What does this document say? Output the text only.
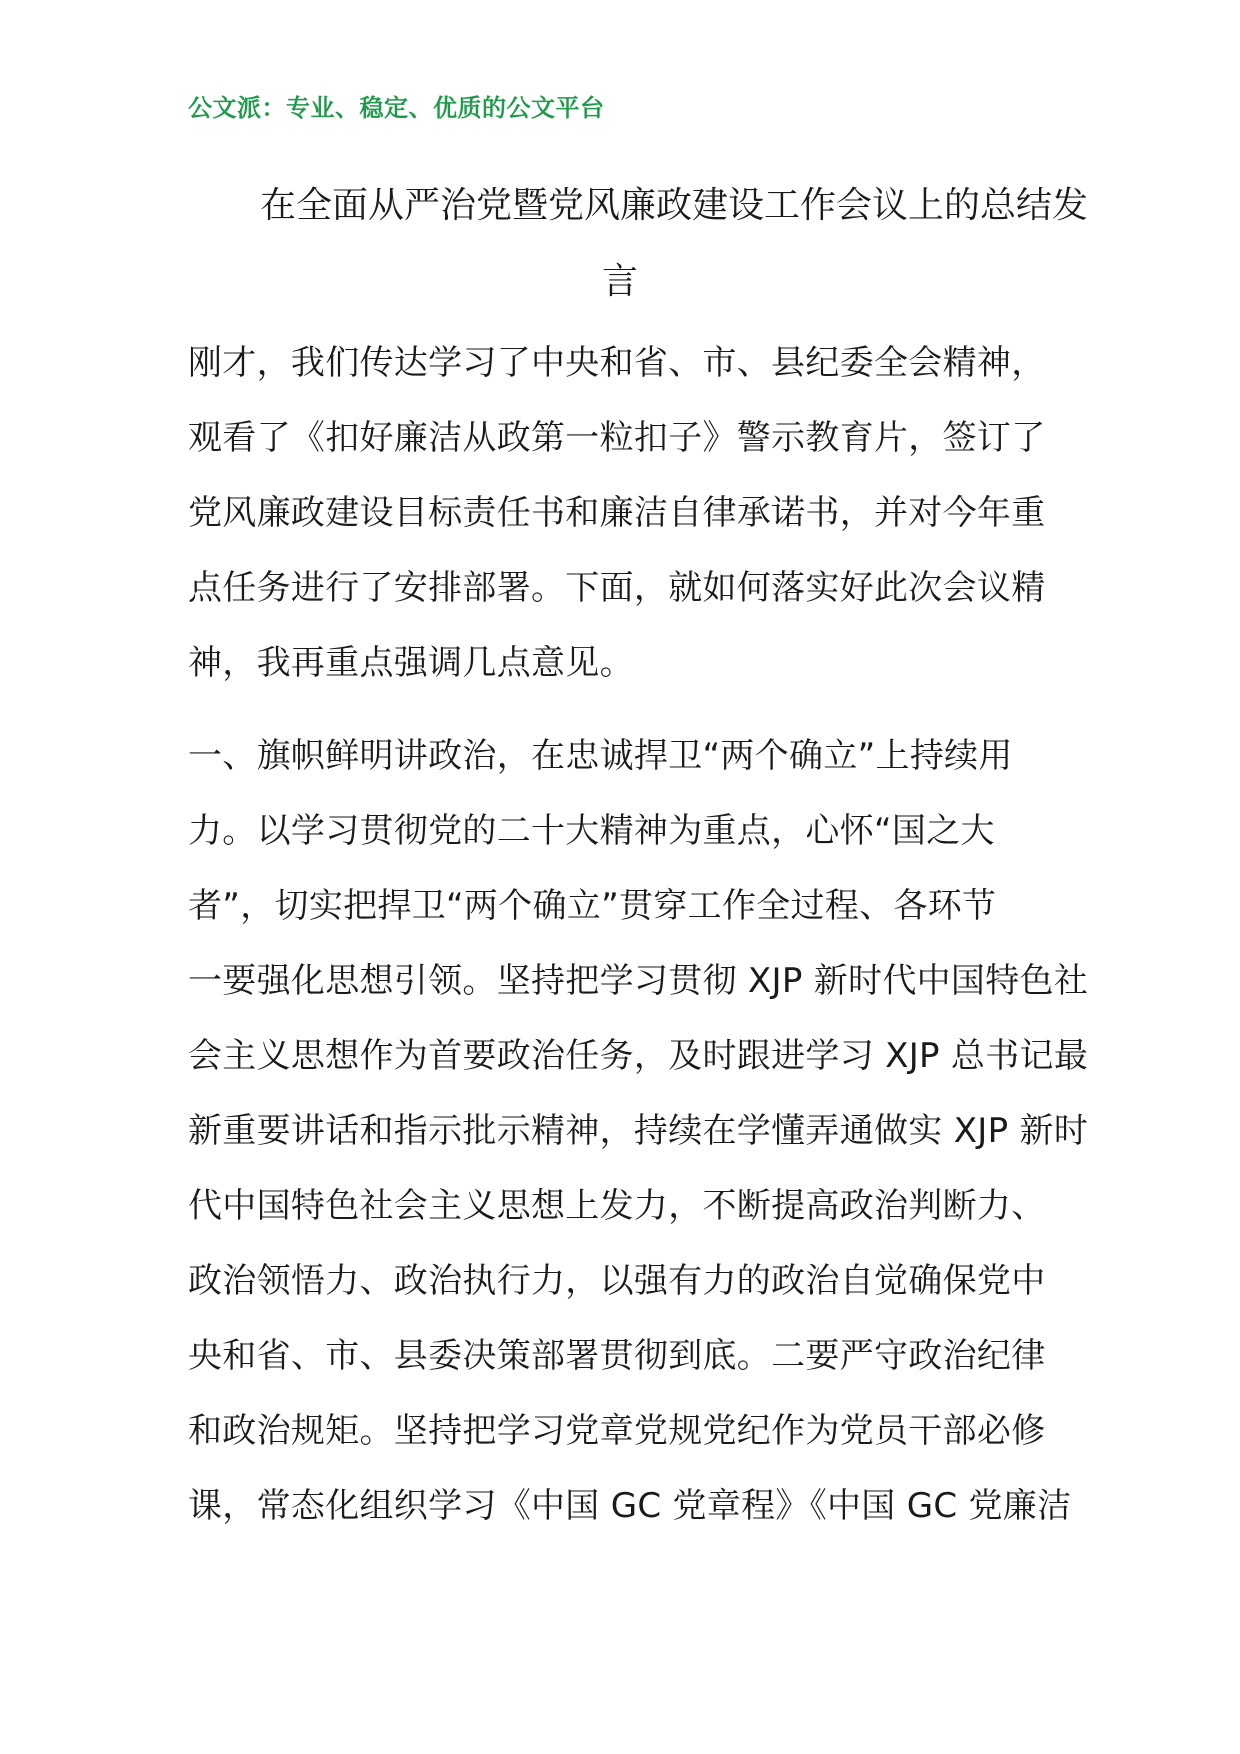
公文派：专业、稳定、优质的公文平台
在全面从严治党暨党风廉政建设工作会议上的总结发
言
刚才，我们传达学习了中央和省、市、县纪委全会精神，
观看了《扣好廉洁从政第一粒扣子》警示教育片，签订了
党风廉政建设目标责任书和廉洁自律承诺书，并对今年重
点任务进行了安排部署。下面，就如何落实好此次会议精
神，我再重点强调几点意见。
一、旗帜鲜明讲政治，在忠诚捍卫“两个确立”上持续用
力。以学习贯彻党的二十大精神为重点，心怀“国之大
者”，切实把捍卫“两个确立”贯穿工作全过程、各环节
一要强化思想引领。坚持把学习贯彻 XJP 新时代中国特色社
会主义思想作为首要政治任务，及时跟进学习 XJP 总书记最
新重要讲话和指示批示精神，持续在学懂弄通做实 XJP 新时
代中国特色社会主义思想上发力，不断提高政治判断力、
政治领悟力、政治执行力，以强有力的政治自觉确保党中
央和省、市、县委决策部署贯彻到底。二要严守政治纪律
和政治规矩。坚持把学习党章党规党纪作为党员干部必修
课，常态化组织学习《中国 GC 党章程》《中国 GC 党廉洁
